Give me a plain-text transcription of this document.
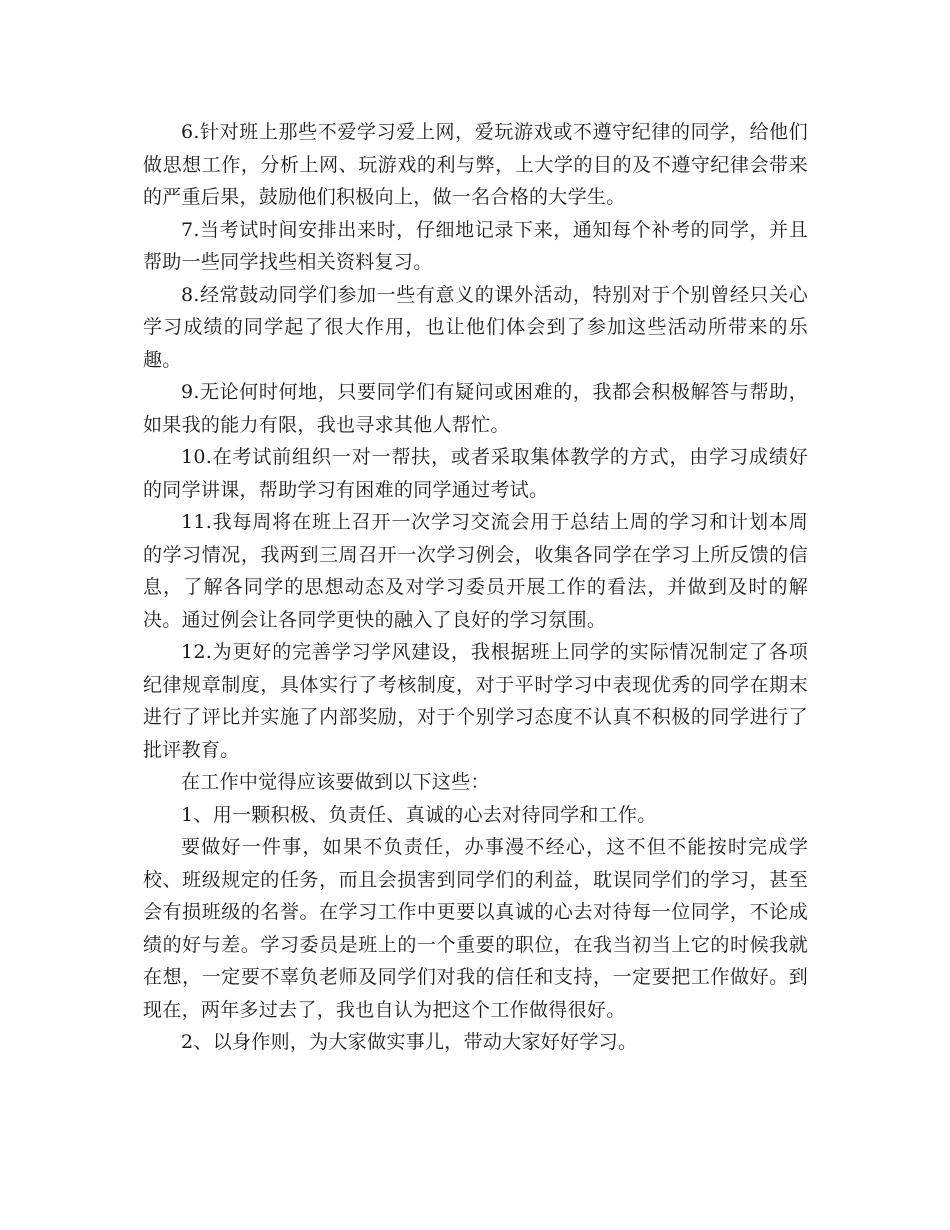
6.针对班上那些不爱学习爱上网，爱玩游戏或不遵守纪律的同学，给他们做思想工作，分析上网、玩游戏的利与弊，上大学的目的及不遵守纪律会带来的严重后果，鼓励他们积极向上，做一名合格的大学生。

7.当考试时间安排出来时，仔细地记录下来，通知每个补考的同学，并且帮助一些同学找些相关资料复习。

8.经常鼓动同学们参加一些有意义的课外活动，特别对于个别曾经只关心学习成绩的同学起了很大作用，也让他们体会到了参加这些活动所带来的乐趣。

9.无论何时何地，只要同学们有疑问或困难的，我都会积极解答与帮助，如果我的能力有限，我也寻求其他人帮忙。

10.在考试前组织一对一帮扶，或者采取集体教学的方式，由学习成绩好的同学讲课，帮助学习有困难的同学通过考试。

11.我每周将在班上召开一次学习交流会用于总结上周的学习和计划本周的学习情况，我两到三周召开一次学习例会，收集各同学在学习上所反馈的信息，了解各同学的思想动态及对学习委员开展工作的看法，并做到及时的解决。通过例会让各同学更快的融入了良好的学习氛围。

12.为更好的完善学习学风建设，我根据班上同学的实际情况制定了各项纪律规章制度，具体实行了考核制度，对于平时学习中表现优秀的同学在期末进行了评比并实施了内部奖励，对于个别学习态度不认真不积极的同学进行了批评教育。

在工作中觉得应该要做到以下这些：

1、用一颗积极、负责任、真诚的心去对待同学和工作。

要做好一件事，如果不负责任，办事漫不经心，这不但不能按时完成学校、班级规定的任务，而且会损害到同学们的利益，耽误同学们的学习，甚至会有损班级的名誉。在学习工作中更要以真诚的心去对待每一位同学，不论成绩的好与差。学习委员是班上的一个重要的职位，在我当初当上它的时候我就在想，一定要不辜负老师及同学们对我的信任和支持，一定要把工作做好。到现在，两年多过去了，我也自认为把这个工作做得很好。

2、以身作则，为大家做实事儿，带动大家好好学习。
